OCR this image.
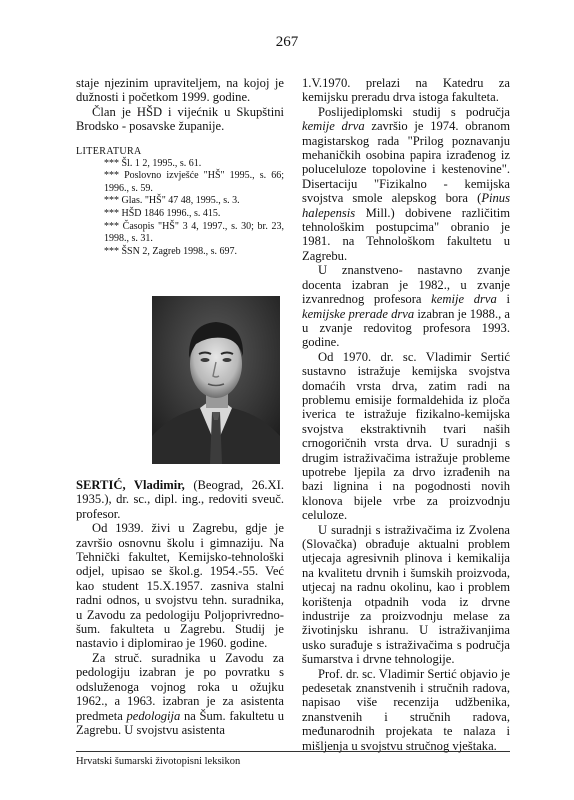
267

staje njezinim upraviteljem, na kojoj je dužnosti i početkom 1999. godine.

Član je HŠD i vijećnik u Skupštini Brodsko - posavske županije.

LITERATURA

*** Šl. 1 2, 1995., s. 61.

*** Poslovno izvješće "HŠ" 1995., s. 66; 1996., s. 59.

*** Glas. "HŠ" 47 48, 1995., s. 3.

*** HŠD 1846 1996., s. 415.

*** Časopis "HŠ" 3 4, 1997., s. 30; br. 23, 1998., s. 31.

*** ŠSN 2, Zagreb 1998., s. 697.

SERTIĆ, Vladimir, (Beograd, 26.XI. 1935.), dr. sc., dipl. ing., redoviti sveuč. profesor.

Od 1939. živi u Zagrebu, gdje je završio osnovnu školu i gimnaziju. Na Tehnički fakultet, Kemijsko-tehnološki odjel, upisao se škol.g. 1954.-55. Već kao student 15.X.1957. zasniva stalni radni odnos, u svojstvu tehn. suradnika, u Zavodu za pedologiju Poljoprivredno- šum. fakulteta u Zagrebu. Studij je nastavio i diplomirao je 1960. godine.

Za struč. suradnika u Zavodu za pedologiju izabran je po povratku s odsluženoga vojnog roka u ožujku 1962., a 1963. izabran je za asistenta predmeta pedologija na Šum. fakultetu u Zagrebu. U svojstvu asistenta

1.V.1970. prelazi na Katedru za kemijsku preradu drva istoga fakulteta.

Poslijediplomski studij s područja kemije drva završio je 1974. obranom magistarskog rada "Prilog poznavanju mehaničkih osobina papira izrađenog iz poluceluloze topolovine i kestenovine". Disertaciju "Fizikalno - kemijska svojstva smole alepskog bora (Pinus halepensis Mill.) dobivene različitim tehnološkim postupcima" obranio je 1981. na Tehnološkom fakultetu u Zagrebu.

U znanstveno- nastavno zvanje docenta izabran je 1982., u zvanje izvanrednog profesora kemije drva i kemijske prerade drva izabran je 1988., a u zvanje redovitog profesora 1993. godine.

Od 1970. dr. sc. Vladimir Sertić sustavno istražuje kemijska svojstva domaćih vrsta drva, zatim radi na problemu emisije formaldehida iz ploča iverica te istražuje fizikalno-kemijska svojstva ekstraktivnih tvari naših crnogoričnih vrsta drva. U suradnji s drugim istraživačima istražuje probleme upotrebe ljepila za drvo izrađenih na bazi lignina i na pogodnosti novih klonova bijele vrbe za proizvodnju celuloze.

U suradnji s istraživačima iz Zvolena (Slovačka) obrađuje aktualni problem utjecaja agresivnih plinova i kemikalija na kvalitetu drvnih i šumskih proizvoda, utjecaj na radnu okolinu, kao i problem korištenja otpadnih voda iz drvne industrije za proizvodnju melase za životinjsku ishranu. U istraživanjima usko surađuje s istraživačima s područja šumarstva i drvne tehnologije.

Prof. dr. sc. Vladimir Sertić objavio je pedesetak znanstvenih i stručnih radova, napisao više recenzija udžbenika, znanstvenih i stručnih radova, međunarodnih projekata te nalaza i mišljenja u svojstvu stručnog vještaka.

Hrvatski šumarski životopisni leksikon
